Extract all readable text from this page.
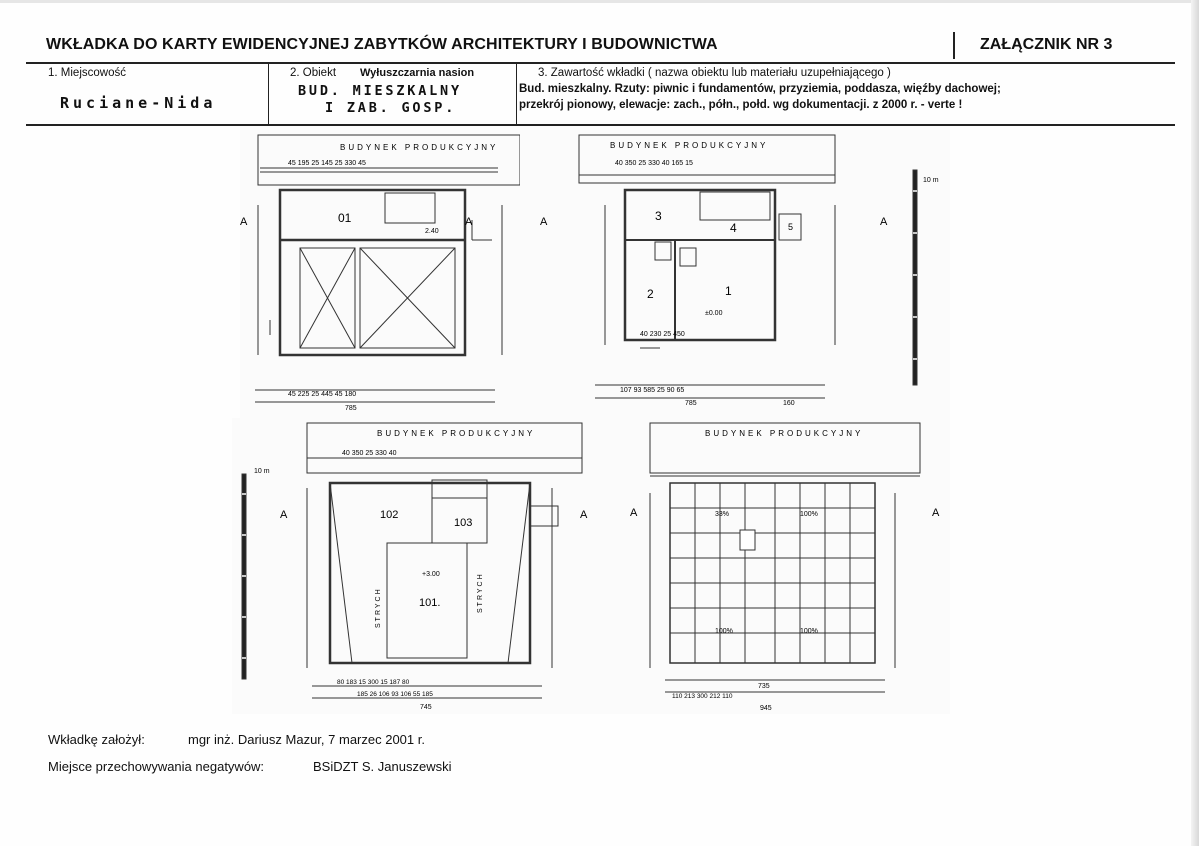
WKŁADKA DO KARTY EWIDENCYJNEJ ZABYTKÓW ARCHITEKTURY I BUDOWNICTWA	ZAŁĄCZNIK NR 3
1. Miejscowość
Ruciane-Nida
2. Obiekt Wyłuszczarnia nasion
BUD. MIESZKALNY
I ZAB. GOSP.
3. Zawartość wkładki ( nazwa obiektu lub materiału uzupełniającego )
Bud. mieszkalny. Rzuty: piwnic i fundamentów, przyziemia, poddasza, więźby dachowej;
przekrój pionowy, elewacje: zach., półn., połd. wg dokumentacji. z 2000 r. - verte !
BUDYNEK PRODUKCYJNY
01
2.40
A	A
45 195 25 145 25 330 45
45 225 25 445 45 180
785
BUDYNEK PRODUKCYJNY
3
4
2	1
5
±0.00
A	A
40 350 25 330 40 165 15
40 230 25 450
107 93 585 25 90 65
785	160
10 m
BUDYNEK PRODUKCYJNY
102
103
101.
+3.00
STRYCH	STRYCH
A	A
40 350 25 330 40
80 183 15 300 15 187 80
185 26 106 93 106 55 185
745
10 m
BUDYNEK PRODUKCYJNY
33%	100%
100%	100%
A	A
735
110 213 300 212 110
945
Wkładkę założył:	mgr inż. Dariusz Mazur, 7 marzec 2001 r.
Miejsce przechowywania negatywów:	BSiDZT S. Januszewski
